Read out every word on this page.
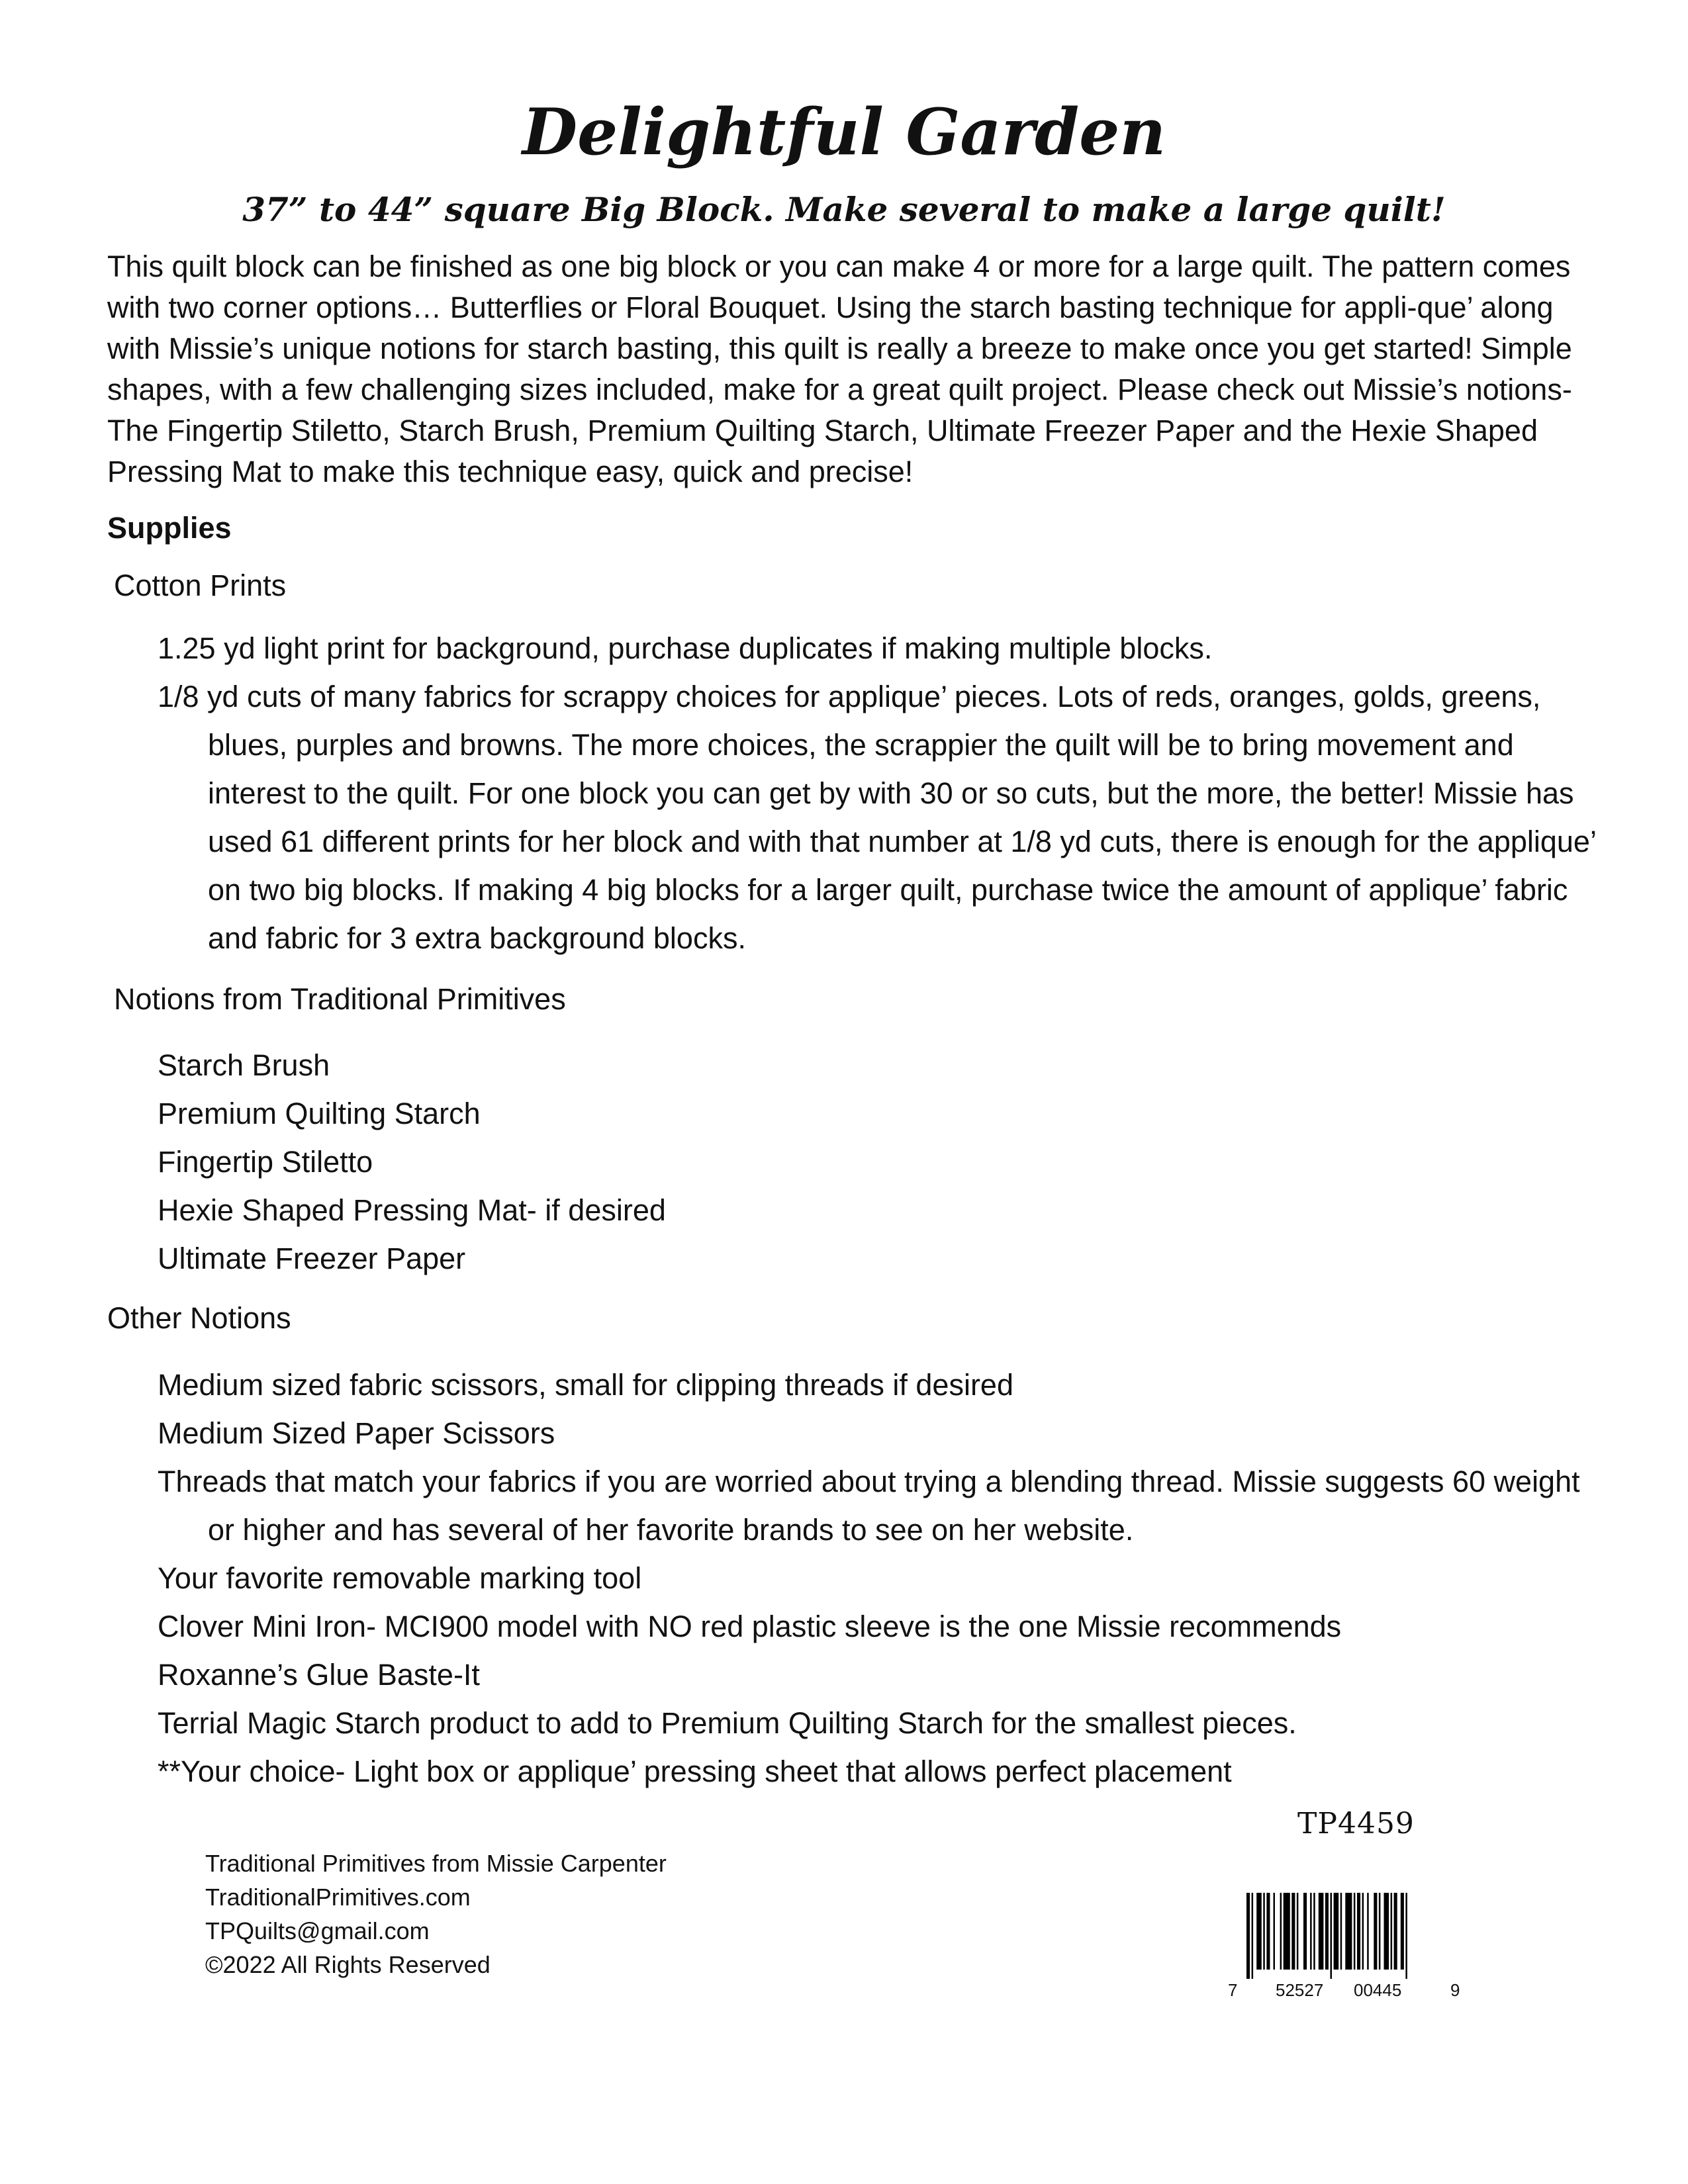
Delightful Garden
37” to 44” square Big Block. Make several to make a large quilt!

This quilt block can be finished as one big block or you can make 4 or more for a large quilt. The pattern comes with two corner options… Butterflies or Floral Bouquet. Using the starch basting technique for appli-que’ along with Missie’s unique notions for starch basting, this quilt is really a breeze to make once you get started! Simple shapes, with a few challenging sizes included, make for a great quilt project. Please check out Missie’s notions- The Fingertip Stiletto, Starch Brush, Premium Quilting Starch, Ultimate Freezer Paper and the Hexie Shaped Pressing Mat to make this technique easy, quick and precise!

Supplies
Cotton Prints
1.25 yd light print for background, purchase duplicates if making multiple blocks.
1/8 yd cuts of many fabrics for scrappy choices for applique’ pieces. Lots of reds, oranges, golds, greens, blues, purples and browns. The more choices, the scrappier the quilt will be to bring movement and interest to the quilt. For one block you can get by with 30 or so cuts, but the more, the better! Missie has used 61 different prints for her block and with that number at 1/8 yd cuts, there is enough for the applique’ on two big blocks. If making 4 big blocks for a larger quilt, purchase twice the amount of applique’ fabric and fabric for 3 extra background blocks.
Notions from Traditional Primitives
Starch Brush
Premium Quilting Starch
Fingertip Stiletto
Hexie Shaped Pressing Mat- if desired
Ultimate Freezer Paper
Other Notions
Medium sized fabric scissors, small for clipping threads if desired
Medium Sized Paper Scissors
Threads that match your fabrics if you are worried about trying a blending thread. Missie suggests 60 weight or higher and has several of her favorite brands to see on her website.
Your favorite removable marking tool
Clover Mini Iron- MCI900 model with NO red plastic sleeve is the one Missie recommends
Roxanne’s Glue Baste-It
Terrial Magic Starch product to add to Premium Quilting Starch for the smallest pieces.
**Your choice- Light box or applique’ pressing sheet that allows perfect placement
TP4459
Traditional Primitives from Missie Carpenter
TraditionalPrimitives.com
TPQuilts@gmail.com
©2022 All Rights Reserved
7 52527 00445	9
